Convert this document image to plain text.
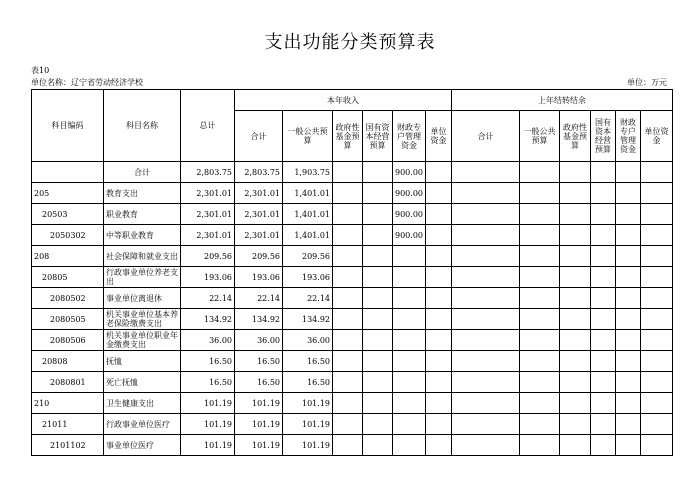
支出功能分类预算表
表10
单位名称：辽宁省劳动经济学校	单位：万元
科目编码	科目名称	总计	本年收入						上年结转结余					
			合计	一般公共预算	政府性基金预算	国有资本经营预算	财政专户管理资金	单位资金	合计	一般公共预算	政府性基金预算	国有资本经营预算	财政专户管理资金	单位资金
	合计	2,803.75	2,803.75	1,903.75			900.00							
205	教育支出	2,301.01	2,301.01	1,401.01			900.00							
20503	职业教育	2,301.01	2,301.01	1,401.01			900.00							
2050302	中等职业教育	2,301.01	2,301.01	1,401.01			900.00							
208	社会保障和就业支出	209.56	209.56	209.56										
20805	行政事业单位养老支出	193.06	193.06	193.06										
2080502	事业单位离退休	22.14	22.14	22.14										
2080505	机关事业单位基本养老保险缴费支出	134.92	134.92	134.92										
2080506	机关事业单位职业年金缴费支出	36.00	36.00	36.00										
20808	抚恤	16.50	16.50	16.50										
2080801	死亡抚恤	16.50	16.50	16.50										
210	卫生健康支出	101.19	101.19	101.19										
21011	行政事业单位医疗	101.19	101.19	101.19										
2101102	事业单位医疗	101.19	101.19	101.19										
